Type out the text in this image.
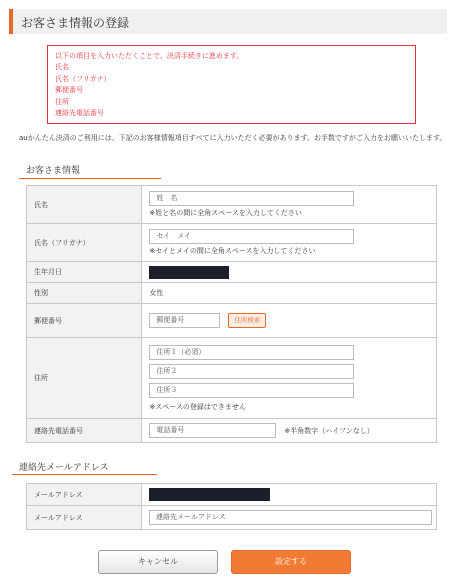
お客さま情報の登録
以下の項目を入力いただくことで、決済手続きに進めます。
氏名
氏名（フリガナ）
郵便番号
住所
連絡先電話番号
auかんたん決済のご利用には、下記のお客様情報項目すべてに入力いただく必要があります。お手数ですがご入力をお願いいたします。
お客さま情報
氏名	姓　名
※姓と名の間に全角スペースを入力してください

氏名（フリガナ）	セイ　メイ
※セイとメイの間に全角スペースを入力してください

生年月日	

性別	女性
郵便番号	郵便番号 住所検索

住所	住所１（必須）
住所２
住所３
※スペースの登録はできません

連絡先電話番号	電話番号 ※半角数字（ハイフンなし）
連絡先メールアドレス
メールアドレス	

メールアドレス	連絡先メールアドレス
キャンセル	設定する
